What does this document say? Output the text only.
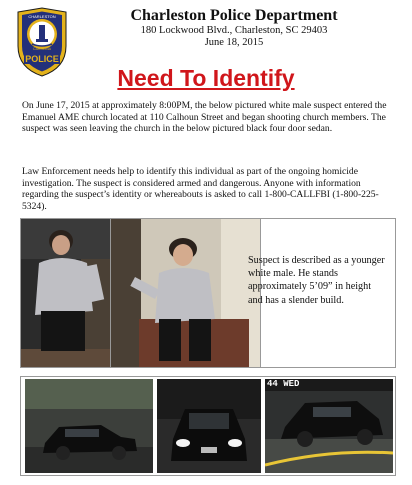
CHARLESTON
CAROLINA
POLICE
Charleston Police Department
180 Lockwood Blvd., Charleston, SC 29403
June 18, 2015
Need To Identify
On June 17, 2015 at approximately 8:00PM, the below pictured white male suspect entered the Emanuel AME church located at 110 Calhoun Street and began shooting church members. The suspect was seen leaving the church in the below pictured black four door sedan.
Law Enforcement needs help to identify this individual as part of the ongoing homicide investigation. The suspect is considered armed and dangerous. Anyone with information regarding the suspect’s identity or whereabouts is asked to call 1-800-CALLFBI (1-800-225-5324).
Suspect is described as a younger white male. He stands approximately 5’09” in height and has a slender build.
44 WED
